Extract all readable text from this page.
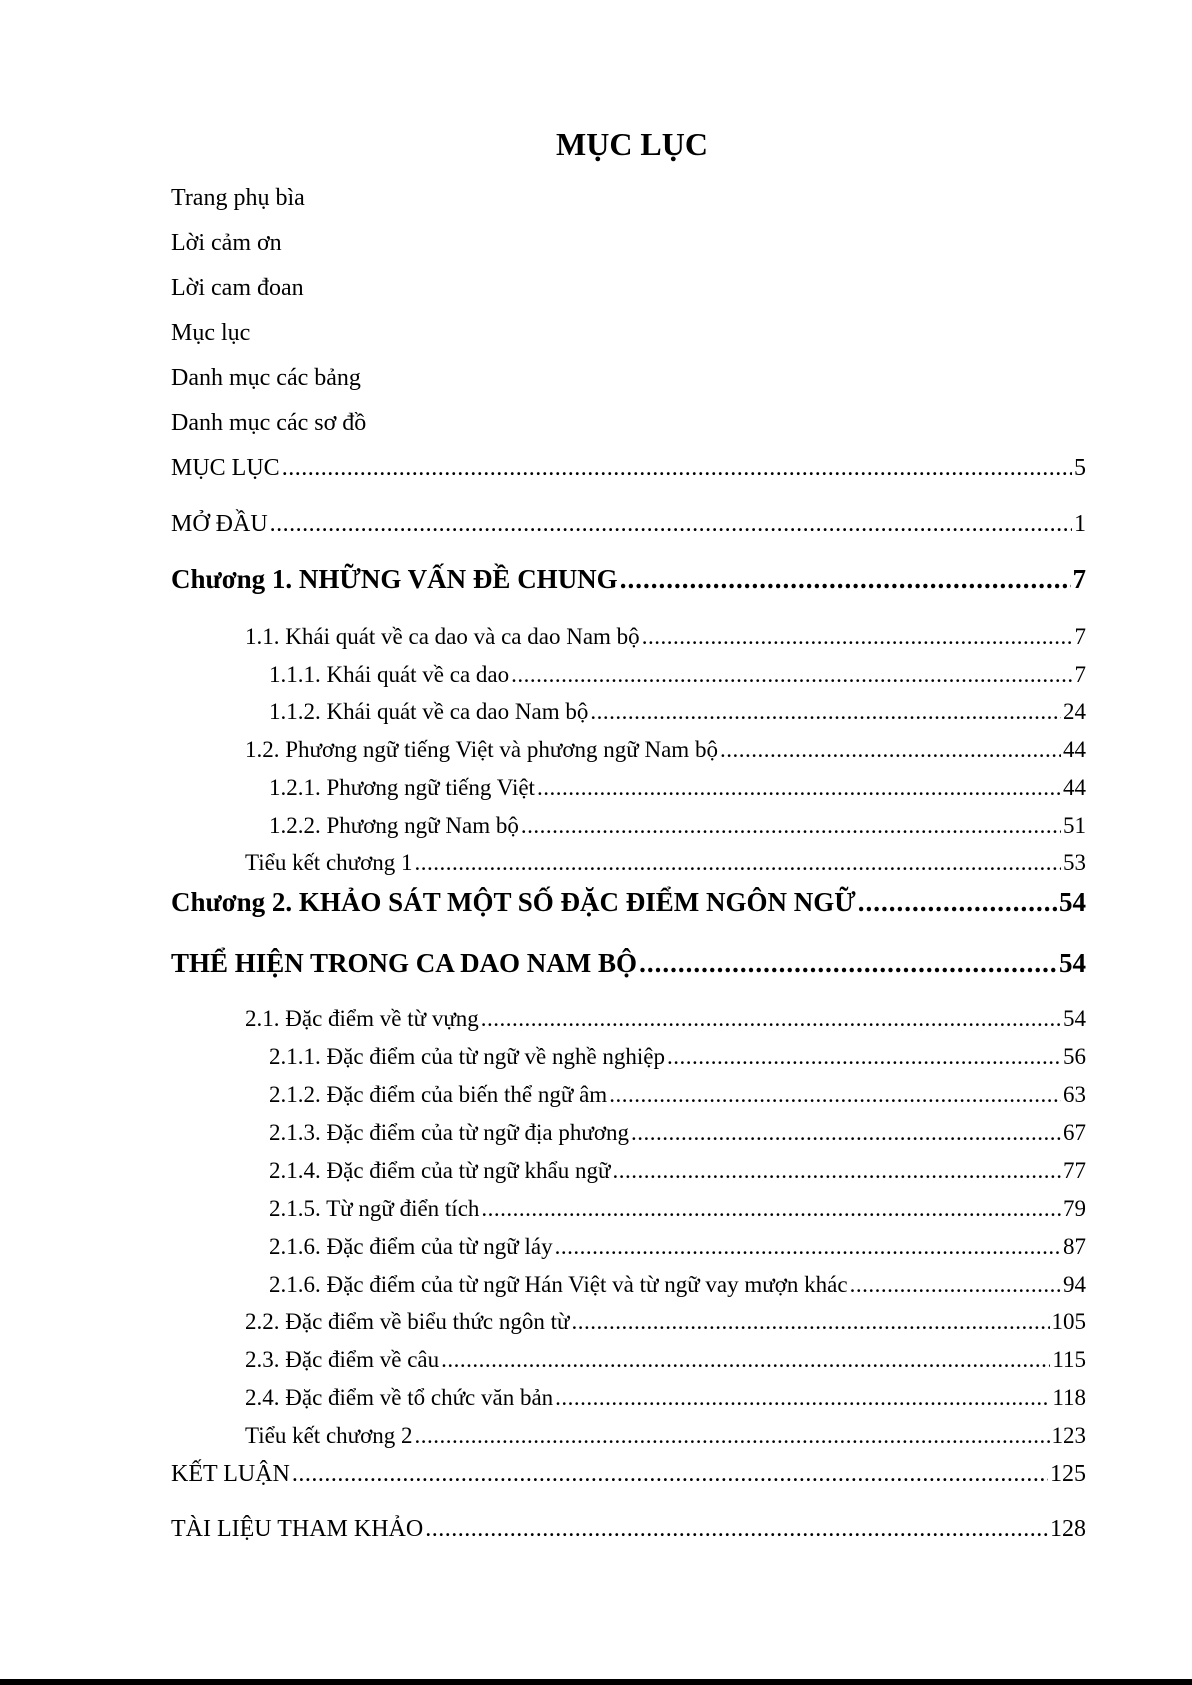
MỤC LỤC
Trang phụ bìa
Lời cảm ơn
Lời cam đoan
Mục lục
Danh mục các bảng
Danh mục các sơ đồ
MỤC LỤC .....	5
MỞ ĐẦU .....	1
Chương 1. NHỮNG VẤN ĐỀ CHUNG .....	7
1.1. Khái quát về ca dao và ca dao Nam bộ .....	7
1.1.1. Khái quát về ca dao .....	7
1.1.2. Khái quát về ca dao Nam bộ .....	24
1.2. Phương ngữ tiếng Việt và phương ngữ Nam bộ .....	44
1.2.1. Phương ngữ tiếng Việt .....	44
1.2.2. Phương ngữ Nam bộ .....	51
Tiểu kết chương 1 .....	53
Chương 2. KHẢO SÁT MỘT SỐ ĐẶC ĐIỂM NGÔN NGỮ .....	54
THỂ HIỆN TRONG CA DAO NAM BỘ .....	54
2.1. Đặc điểm về từ vựng .....	54
2.1.1. Đặc điểm của từ ngữ về nghề nghiệp .....	56
2.1.2. Đặc điểm của biến thể ngữ âm .....	63
2.1.3. Đặc điểm của từ ngữ địa phương .....	67
2.1.4. Đặc điểm của từ ngữ khẩu ngữ .....	77
2.1.5. Từ ngữ điển tích .....	79
2.1.6. Đặc điểm của từ ngữ láy .....	87
2.1.6. Đặc điểm của từ ngữ Hán Việt và từ ngữ vay mượn khác .....	94
2.2. Đặc điểm về biểu thức ngôn từ .....	105
2.3. Đặc điểm về câu .....	115
2.4. Đặc điểm về tổ chức văn bản .....	118
Tiểu kết chương 2 .....	123
KẾT LUẬN .....	125
TÀI LIỆU THAM KHẢO .....	128
